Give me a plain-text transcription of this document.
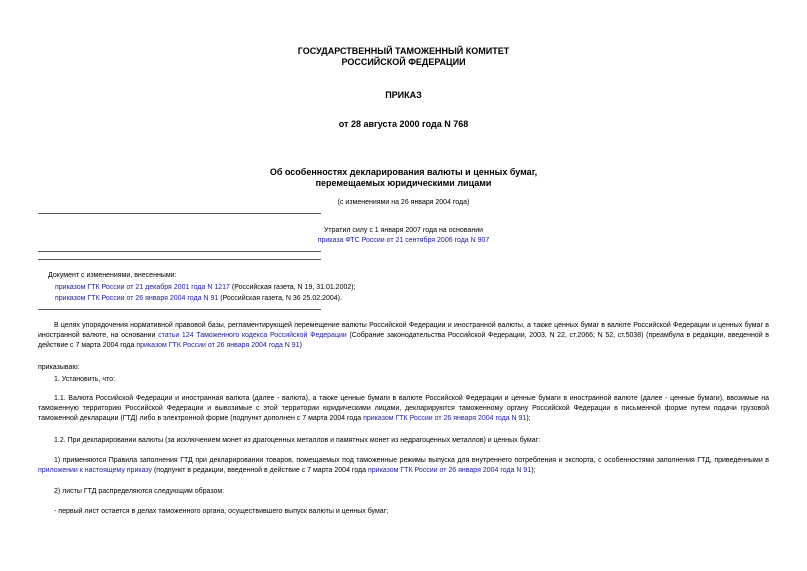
ГОСУДАРСТВЕННЫЙ ТАМОЖЕННЫЙ КОМИТЕТ
РОССИЙСКОЙ ФЕДЕРАЦИИ
ПРИКАЗ
от 28 августа 2000 года N 768
Об особенностях декларирования валюты и ценных бумаг,
перемещаемых юридическими лицами
(с изменениями на 26 января 2004 года)
Утратил силу с 1 января 2007 года на основании
приказа ФТС России от 21 сентября 2006 года N 907
Документ с изменениями, внесенными:
приказом ГТК России от 21 декабря 2001 года N 1217 (Российская газета, N 19, 31.01.2002);
приказом ГТК России от 26 января 2004 года N 91 (Российская газета, N 36 25.02.2004).
В целях упорядочения нормативной правовой базы, регламентирующей перемещение валюты Российской Федерации и иностранной валюты, а также ценных бумаг в валюте Российской Федерации и ценных бумаг в иностранной валюте, на основании статьи 124 Таможенного кодекса Российской Федерации (Собрание законодательства Российской Федерации, 2003, N 22, ст.2066; N 52, ст.5038) (преамбула в редакции, введенной в действие с 7 марта 2004 года приказом ГТК России от 26 января 2004 года N 91)
приказываю:
1. Установить, что:
1.1. Валюта Российской Федерации и иностранная валюта (далее - валюта), а также ценные бумаги в валюте Российской Федерации и ценные бумаги в иностранной валюте (далее - ценные бумаги), ввозимые на таможенную территорию Российской Федерации и вывозимые с этой территории юридическими лицами, декларируются таможенному органу Российской Федерации в письменной форме путем подачи грузовой таможенной декларации (ГТД) либо в электронной форме (подпункт дополнен с 7 марта 2004 года приказом ГТК России от 26 января 2004 года N 91);
1.2. При декларировании валюты (за исключением монет из драгоценных металлов и памятных монет из недрагоценных металлов) и ценных бумаг:
1) применяются Правила заполнения ГТД при декларировании товаров, помещаемых под таможенные режимы выпуска для внутреннего потребления и экспорта, с особенностями заполнения ГТД, приведенными в приложении к настоящему приказу (подпункт в редакции, введенной в действие с 7 марта 2004 года приказом ГТК России от 26 января 2004 года N 91);
2) листы ГТД распределяются следующим образом:
- первый лист остается в делах таможенного органа, осуществившего выпуск валюты и ценных бумаг;
